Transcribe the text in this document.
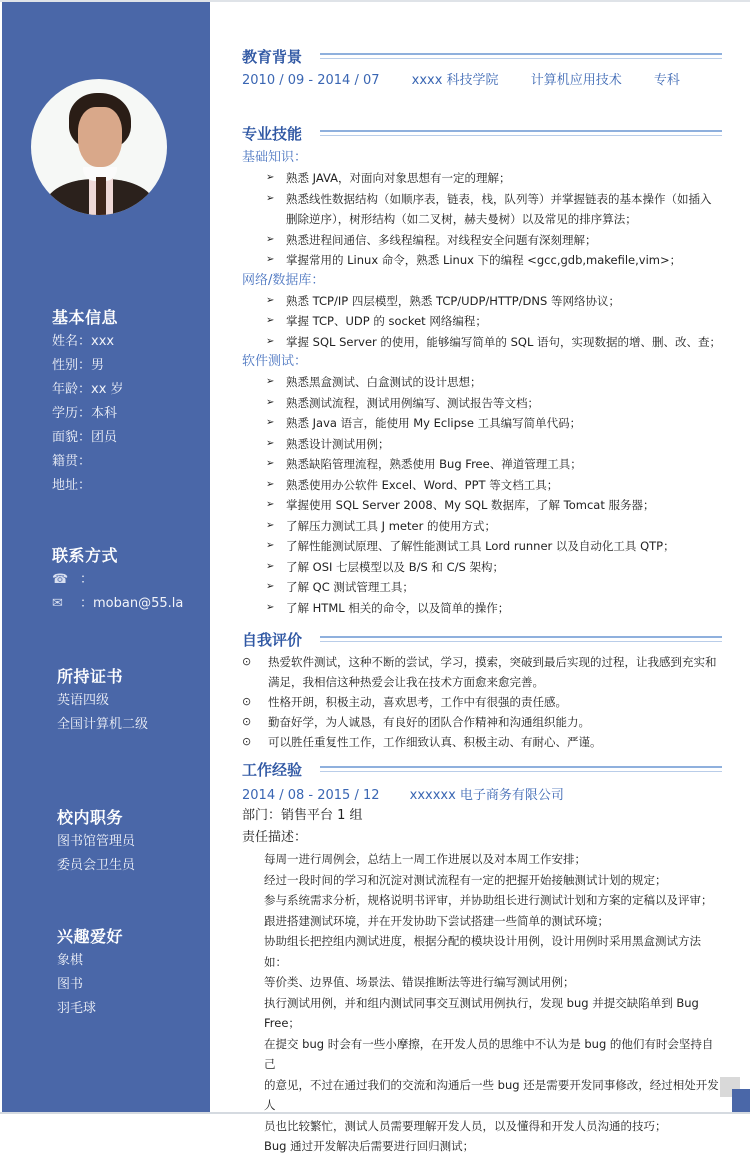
基本信息
姓名：xxx
性别：男
年龄：xx 岁
学历：本科
面貌：团员
籍贯：
地址：
联系方式
☎ ：
✉ ：moban@55.la
所持证书
英语四级
全国计算机二级
校内职务
图书馆管理员
委员会卫生员
兴趣爱好
象棋
图书
羽毛球
教育背景
2010 / 09 - 2014 / 07 xxxx 科技学院 计算机应用技术 专科
专业技能
基础知识：
➢ 熟悉 JAVA，对面向对象思想有一定的理解；
➢ 熟悉线性数据结构（如顺序表，链表，栈，队列等）并掌握链表的基本操作（如插入删除逆序），树形结构（如二叉树，赫夫曼树）以及常见的排序算法；
➢ 熟悉进程间通信、多线程编程。对线程安全问题有深刻理解；
➢ 掌握常用的 Linux 命令，熟悉 Linux 下的编程 <gcc,gdb,makefile,vim>；
网络/数据库：
➢ 熟悉 TCP/IP 四层模型，熟悉 TCP/UDP/HTTP/DNS 等网络协议；
➢ 掌握 TCP、UDP 的 socket 网络编程；
➢ 掌握 SQL Server 的使用，能够编写简单的 SQL 语句，实现数据的增、删、改、查；
软件测试：
➢ 熟悉黑盒测试、白盒测试的设计思想；
➢ 熟悉测试流程，测试用例编写、测试报告等文档；
➢ 熟悉 Java 语言，能使用 My Eclipse 工具编写简单代码；
➢ 熟悉设计测试用例；
➢ 熟悉缺陷管理流程，熟悉使用 Bug Free、禅道管理工具；
➢ 熟悉使用办公软件 Excel、Word、PPT 等文档工具；
➢ 掌握使用 SQL Server 2008、My SQL 数据库，了解 Tomcat 服务器；
➢ 了解压力测试工具 J meter 的使用方式；
➢ 了解性能测试原理、了解性能测试工具 Lord runner 以及自动化工具 QTP；
➢ 了解 OSI 七层模型以及 B/S 和 C/S 架构；
➢ 了解 QC 测试管理工具；
➢ 了解 HTML 相关的命令，以及简单的操作；
自我评价
⊙ 热爱软件测试，这种不断的尝试，学习，摸索，突破到最后实现的过程，让我感到充实和满足，我相信这种热爱会让我在技术方面愈来愈完善。
⊙ 性格开朗，积极主动，喜欢思考，工作中有很强的责任感。
⊙ 勤奋好学，为人诚恳，有良好的团队合作精神和沟通组织能力。
⊙ 可以胜任重复性工作，工作细致认真、积极主动、有耐心、严谨。
工作经验
2014 / 08 - 2015 / 12 xxxxxx 电子商务有限公司
部门：销售平台 1 组
责任描述：

每周一进行周例会，总结上一周工作进展以及对本周工作安排；

经过一段时间的学习和沉淀对测试流程有一定的把握开始接触测试计划的规定；

参与系统需求分析，规格说明书评审，并协助组长进行测试计划和方案的定稿以及评审；

跟进搭建测试环境，并在开发协助下尝试搭建一些简单的测试环境；

协助组长把控组内测试进度，根据分配的模块设计用例，设计用例时采用黑盒测试方法如：

等价类、边界值、场景法、错误推断法等进行编写测试用例；

执行测试用例，并和组内测试同事交互测试用例执行，发现 bug 并提交缺陷单到 Bug Free；

在提交 bug 时会有一些小摩擦，在开发人员的思维中不认为是 bug 的他们有时会坚持自己

的意见，不过在通过我们的交流和沟通后一些 bug 还是需要开发同事修改，经过相处开发人

员也比较繁忙，测试人员需要理解开发人员，以及懂得和开发人员沟通的技巧；

Bug 通过开发解决后需要进行回归测试；
